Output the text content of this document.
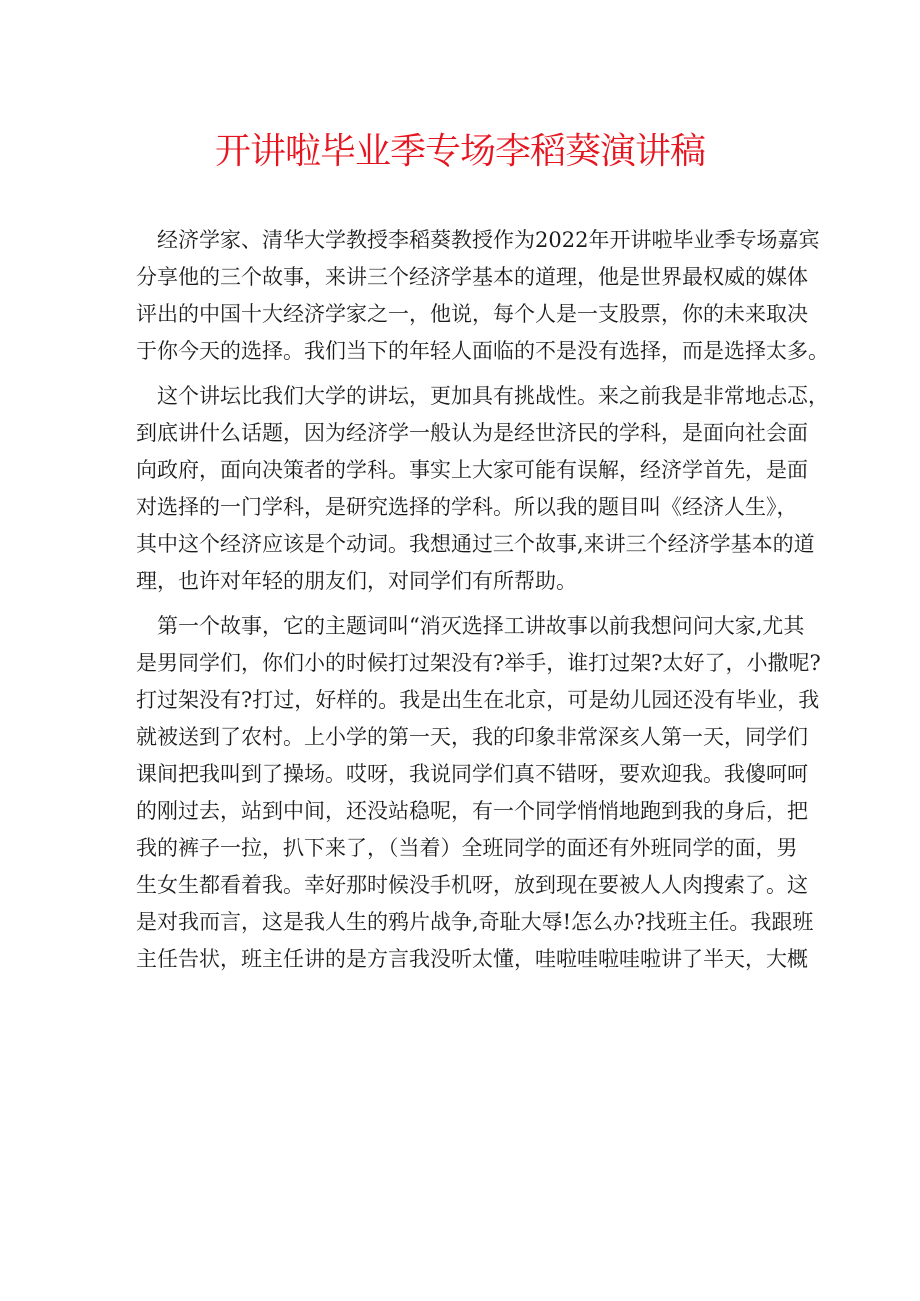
开讲啦毕业季专场李稻葵演讲稿
经济学家、清华大学教授李稻葵教授作为2022年开讲啦毕业季专场嘉宾
分享他的三个故事，来讲三个经济学基本的道理，他是世界最权威的媒体
评出的中国十大经济学家之一，他说，每个人是一支股票，你的未来取决
于你今天的选择。我们当下的年轻人面临的不是没有选择，而是选择太多。
这个讲坛比我们大学的讲坛，更加具有挑战性。来之前我是非常地忐忑，
到底讲什么话题，因为经济学一般认为是经世济民的学科，是面向社会面
向政府，面向决策者的学科。事实上大家可能有误解，经济学首先，是面
对选择的一门学科，是研究选择的学科。所以我的题目叫《经济人生》，
其中这个经济应该是个动词。我想通过三个故事,来讲三个经济学基本的道
理，也许对年轻的朋友们，对同学们有所帮助。
第一个故事，它的主题词叫“消灭选择工讲故事以前我想问问大家,尤其
是男同学们，你们小的时候打过架没有?举手，谁打过架?太好了，小撒呢?
打过架没有?打过，好样的。我是出生在北京，可是幼儿园还没有毕业，我
就被送到了农村。上小学的第一天，我的印象非常深亥人第一天，同学们
课间把我叫到了操场。哎呀，我说同学们真不错呀，要欢迎我。我傻呵呵
的刚过去，站到中间，还没站稳呢，有一个同学悄悄地跑到我的身后，把
我的裤子一拉，扒下来了，（当着）全班同学的面还有外班同学的面，男
生女生都看着我。幸好那时候没手机呀，放到现在要被人人肉搜索了。这
是对我而言，这是我人生的鸦片战争,奇耻大辱!怎么办?找班主任。我跟班
主任告状，班主任讲的是方言我没听太懂，哇啦哇啦哇啦讲了半天，大概
